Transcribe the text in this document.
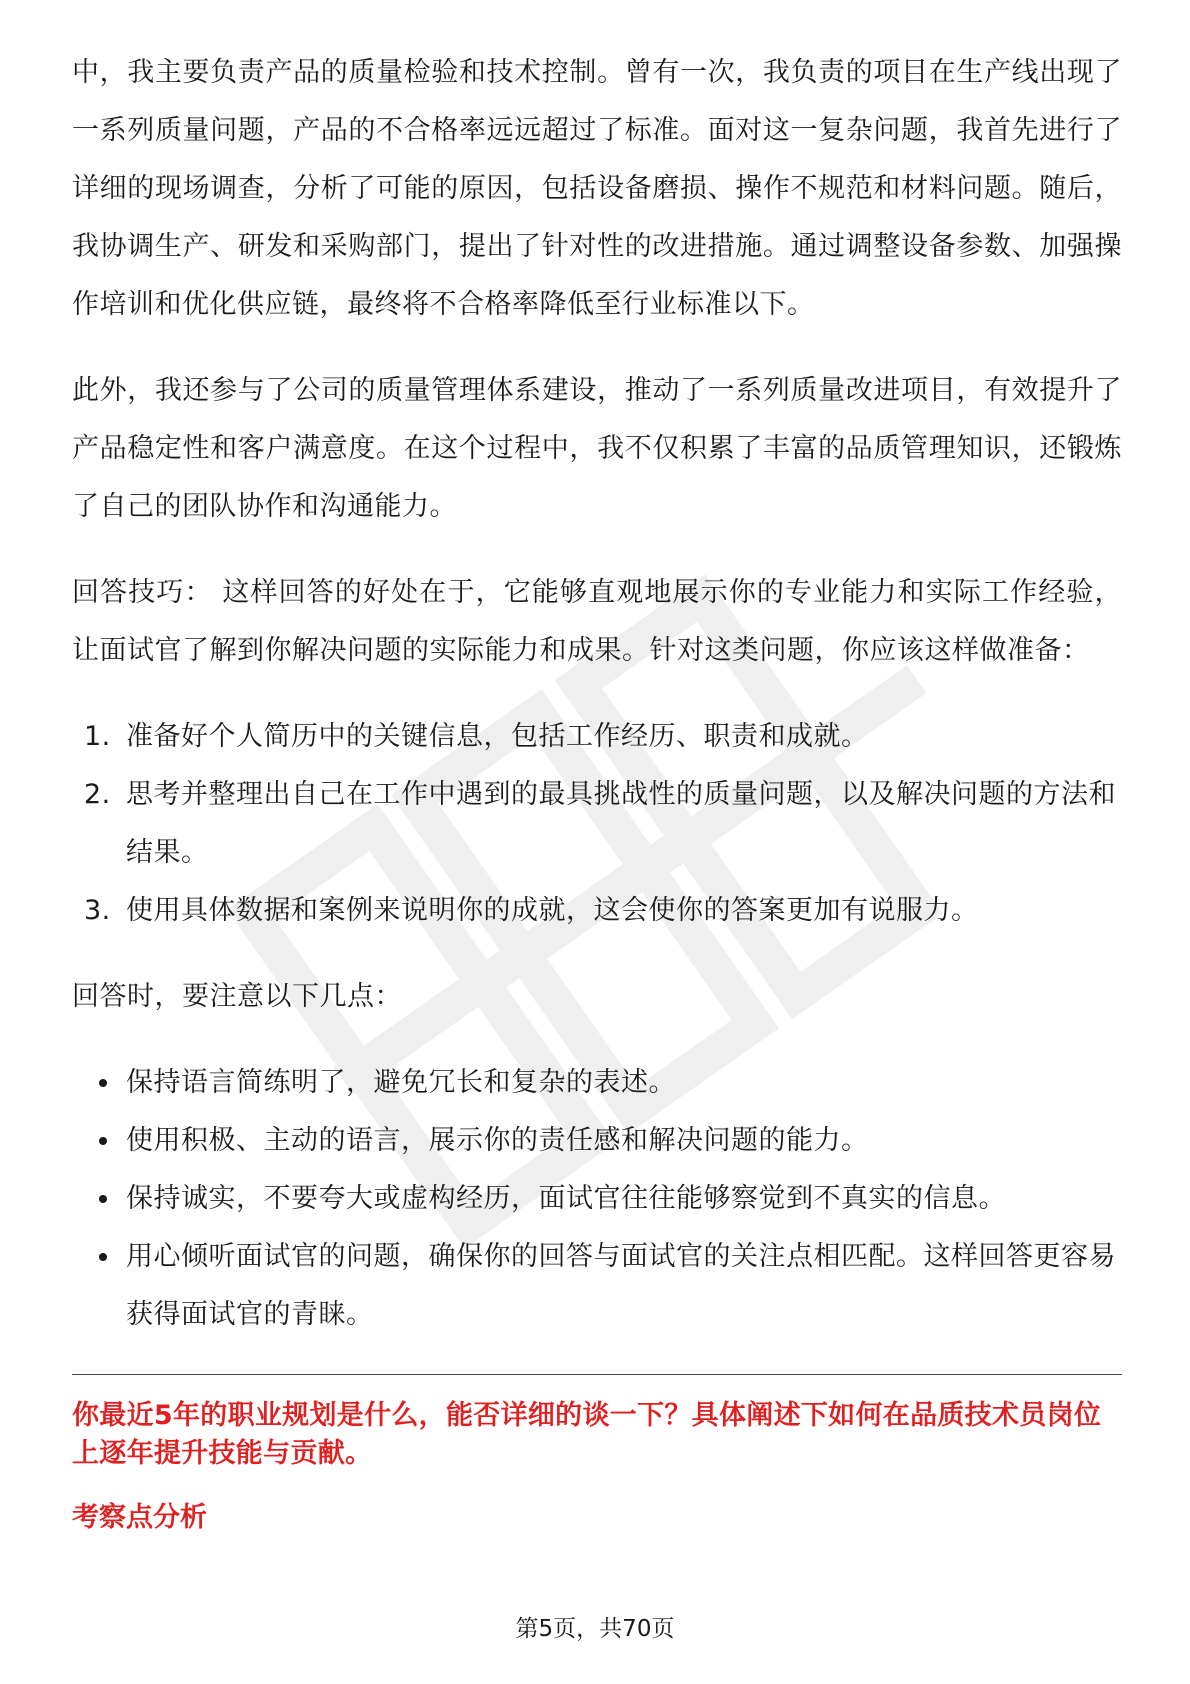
中，我主要负责产品的质量检验和技术控制。曾有一次，我负责的项目在生产线出现了一系列质量问题，产品的不合格率远远超过了标准。面对这一复杂问题，我首先进行了详细的现场调查，分析了可能的原因，包括设备磨损、操作不规范和材料问题。随后，我协调生产、研发和采购部门，提出了针对性的改进措施。通过调整设备参数、加强操作培训和优化供应链，最终将不合格率降低至行业标准以下。

此外，我还参与了公司的质量管理体系建设，推动了一系列质量改进项目，有效提升了产品稳定性和客户满意度。在这个过程中，我不仅积累了丰富的品质管理知识，还锻炼了自己的团队协作和沟通能力。

回答技巧： 这样回答的好处在于，它能够直观地展示你的专业能力和实际工作经验，让面试官了解到你解决问题的实际能力和成果。针对这类问题，你应该这样做准备：

1. 准备好个人简历中的关键信息，包括工作经历、职责和成就。
2. 思考并整理出自己在工作中遇到的最具挑战性的质量问题，以及解决问题的方法和结果。
3. 使用具体数据和案例来说明你的成就，这会使你的答案更加有说服力。

回答时，要注意以下几点：

保持语言简练明了，避免冗长和复杂的表述。
使用积极、主动的语言，展示你的责任感和解决问题的能力。
保持诚实，不要夸大或虚构经历，面试官往往能够察觉到不真实的信息。
用心倾听面试官的问题，确保你的回答与面试官的关注点相匹配。这样回答更容易获得面试官的青睐。
你最近5年的职业规划是什么，能否详细的谈一下？具体阐述下如何在品质技术员岗位上逐年提升技能与贡献。
考察点分析
第5页，共70页
